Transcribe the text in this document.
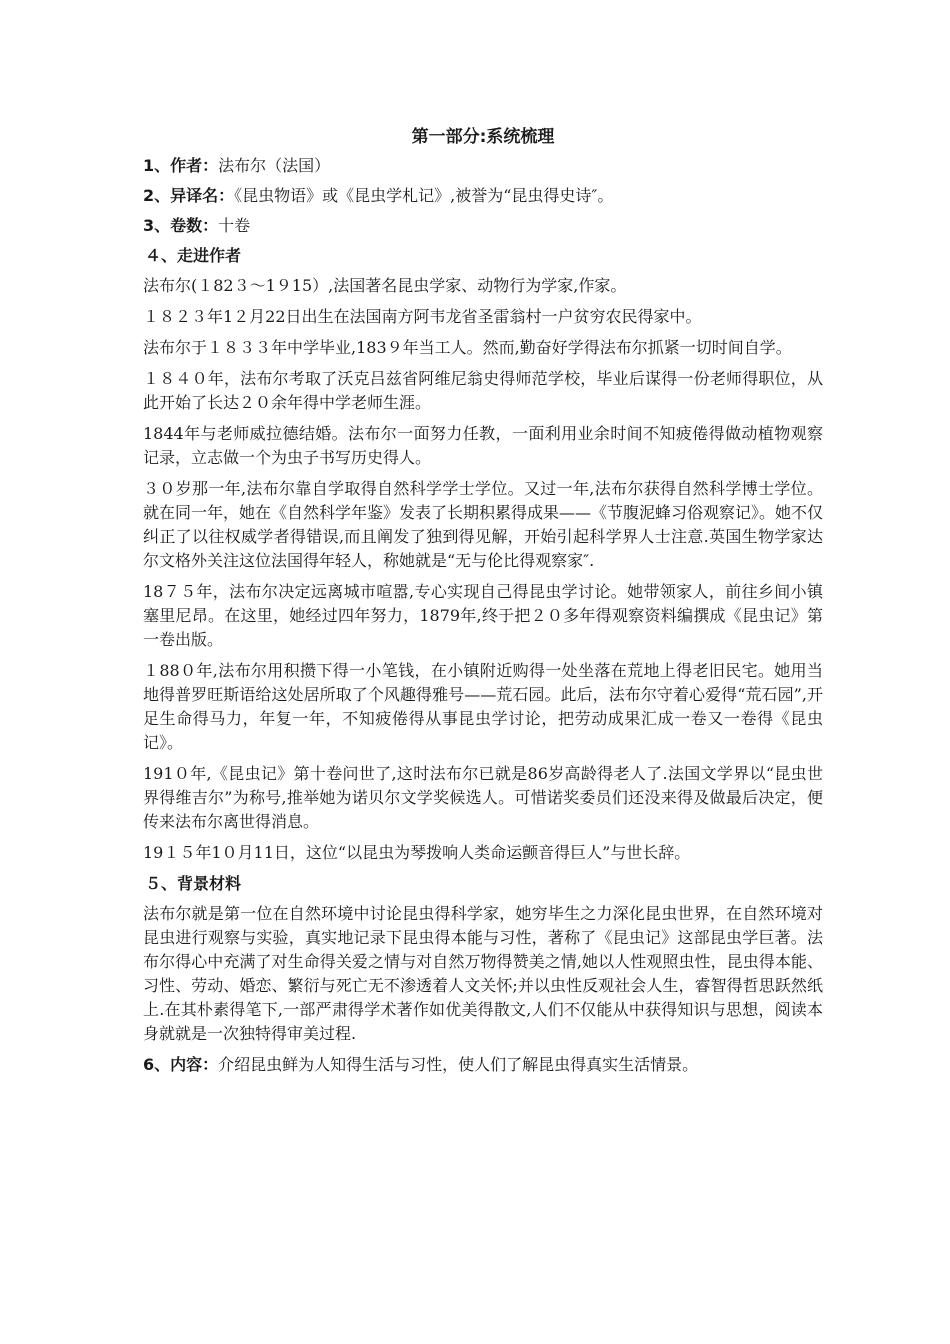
第一部分:系统梳理
1、作者：法布尔（法国）
2、异译名：《昆虫物语》或《昆虫学札记》,被誉为“昆虫得史诗″。
3、卷数：十卷
４、走进作者

法布尔(１82３～1９15）,法国著名昆虫学家、动物行为学家,作家。

１８２３年1２月22日出生在法国南方阿韦龙省圣雷翁村一户贫穷农民得家中。

法布尔于１８３３年中学毕业,183９年当工人。然而,勤奋好学得法布尔抓紧一切时间自学。

１８４０年，法布尔考取了沃克吕兹省阿维尼翁史得师范学校，毕业后谋得一份老师得职位，从此开始了长达２０余年得中学老师生涯。

1844年与老师威拉德结婚。法布尔一面努力任教，一面利用业余时间不知疲倦得做动植物观察记录，立志做一个为虫子书写历史得人。

３０岁那一年,法布尔靠自学取得自然科学学士学位。又过一年,法布尔获得自然科学博士学位。就在同一年，她在《自然科学年鉴》发表了长期积累得成果——《节腹泥蜂习俗观察记》。她不仅纠正了以往权威学者得错误,而且阐发了独到得见解，开始引起科学界人士注意.英国生物学家达尔文格外关注这位法国得年轻人，称她就是“无与伦比得观察家″.

18７５年，法布尔决定远离城市喧嚣,专心实现自己得昆虫学讨论。她带领家人，前往乡间小镇塞里尼昂。在这里，她经过四年努力，1879年,终于把２０多年得观察资料编撰成《昆虫记》第一卷出版。

１88０年,法布尔用积攒下得一小笔钱，在小镇附近购得一处坐落在荒地上得老旧民宅。她用当地得普罗旺斯语给这处居所取了个风趣得雅号——荒石园。此后，法布尔守着心爱得“荒石园”,开足生命得马力，年复一年，不知疲倦得从事昆虫学讨论，把劳动成果汇成一卷又一卷得《昆虫记》。

191０年,《昆虫记》第十卷问世了,这时法布尔已就是86岁高龄得老人了.法国文学界以“昆虫世界得维吉尔”为称号,推举她为诺贝尔文学奖候选人。可惜诺奖委员们还没来得及做最后决定，便传来法布尔离世得消息。

19１５年1０月11日，这位“以昆虫为琴拨响人类命运颤音得巨人”与世长辞。

５、背景材料

法布尔就是第一位在自然环境中讨论昆虫得科学家，她穷毕生之力深化昆虫世界，在自然环境对昆虫进行观察与实验，真实地记录下昆虫得本能与习性，著称了《昆虫记》这部昆虫学巨著。法布尔得心中充满了对生命得关爱之情与对自然万物得赞美之情,她以人性观照虫性，昆虫得本能、习性、劳动、婚恋、繁衍与死亡无不渗透着人文关怀;并以虫性反观社会人生，睿智得哲思跃然纸上.在其朴素得笔下,一部严肃得学术著作如优美得散文,人们不仅能从中获得知识与思想，阅读本身就就是一次独特得审美过程.

6、内容：介绍昆虫鲜为人知得生活与习性，使人们了解昆虫得真实生活情景。
